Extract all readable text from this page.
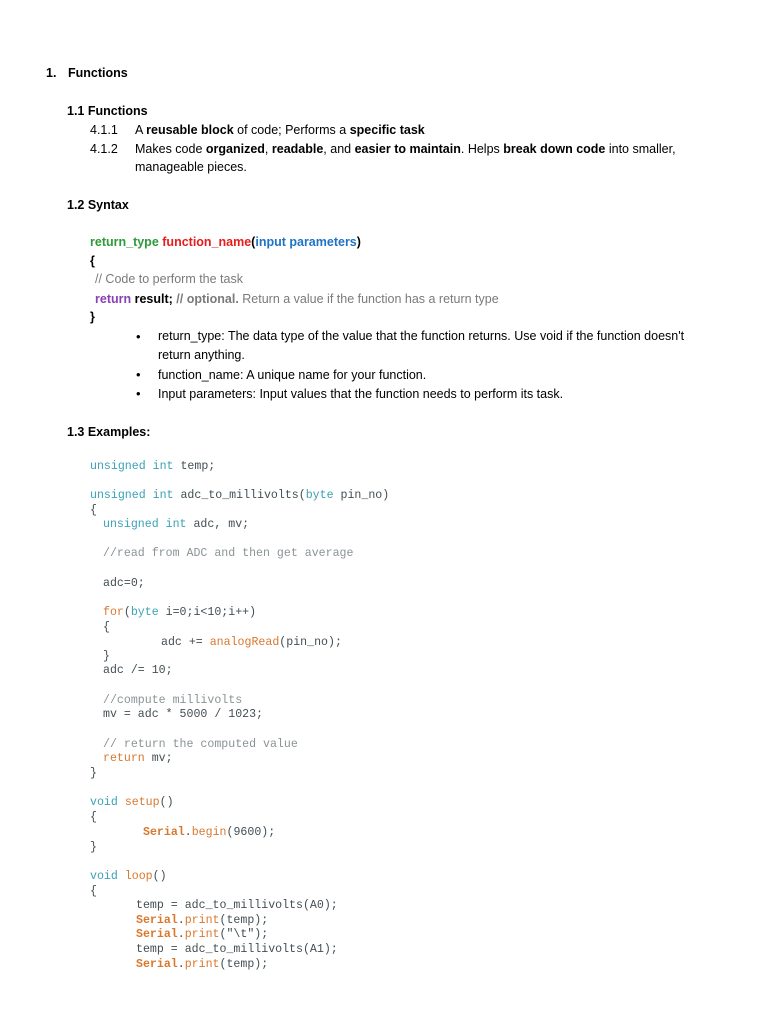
1. Functions
1.1 Functions
4.1.1 A reusable block of code; Performs a specific task
4.1.2 Makes code organized, readable, and easier to maintain. Helps break down code into smaller,
manageable pieces.
1.2 Syntax
return_type function_name(input parameters)
{
// Code to perform the task
return result; // optional. Return a value if the function has a return type
}
• return_type: The data type of the value that the function returns. Use void if the function doesn't
return anything.
• function_name: A unique name for your function.
• Input parameters: Input values that the function needs to perform its task.
1.3 Examples:
unsigned int temp;
unsigned int adc_to_millivolts(byte pin_no)
{
unsigned int adc, mv;
//read from ADC and then get average
adc=0;
for(byte i=0;i<10;i++)
{
adc += analogRead(pin_no);
}
adc /= 10;
//compute millivolts
mv = adc * 5000 / 1023;
// return the computed value
return mv;
}
void setup()
{
Serial.begin(9600);
}
void loop()
{
temp = adc_to_millivolts(A0);
Serial.print(temp);
Serial.print("\t");
temp = adc_to_millivolts(A1);
Serial.print(temp);
